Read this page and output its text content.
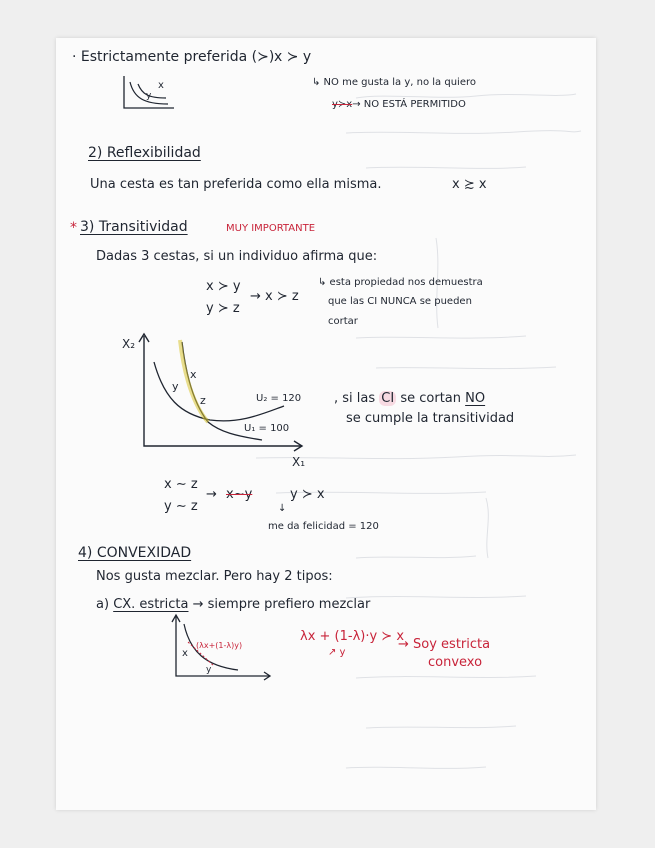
· Estrictamente preferida (≻) x ≻ y
x
y
↳ NO me gusta la y, no la quiero
y≻x→ NO ESTÁ PERMITIDO
2) Reflexibilidad
Una cesta es tan preferida como ella misma.	x ≿ x
* 3) Transitividad	MUY IMPORTANTE
Dadas 3 cestas, si un individuo afirma que:
x ≻ y
y ≻ z
→ x ≻ z
↳ esta propiedad nos demuestra
que las CI NUNCA se pueden
cortar
X₂
X₁
x
y
z	U₂ = 120
U₁ = 100
, si las CI se cortan NO
se cumple la transitividad
x ∼ z
y ∼ z
→ x∼y	y ≻ x
↓
me da felicidad = 120
4) CONVEXIDAD
Nos gusta mezclar. Pero hay 2 tipos:
a) CX. estricta → siempre prefiero mezclar
(λx+(1-λ)y)
x
y
λx + (1-λ)·y ≻ x
↗ y
→ Soy estricta
convexo
